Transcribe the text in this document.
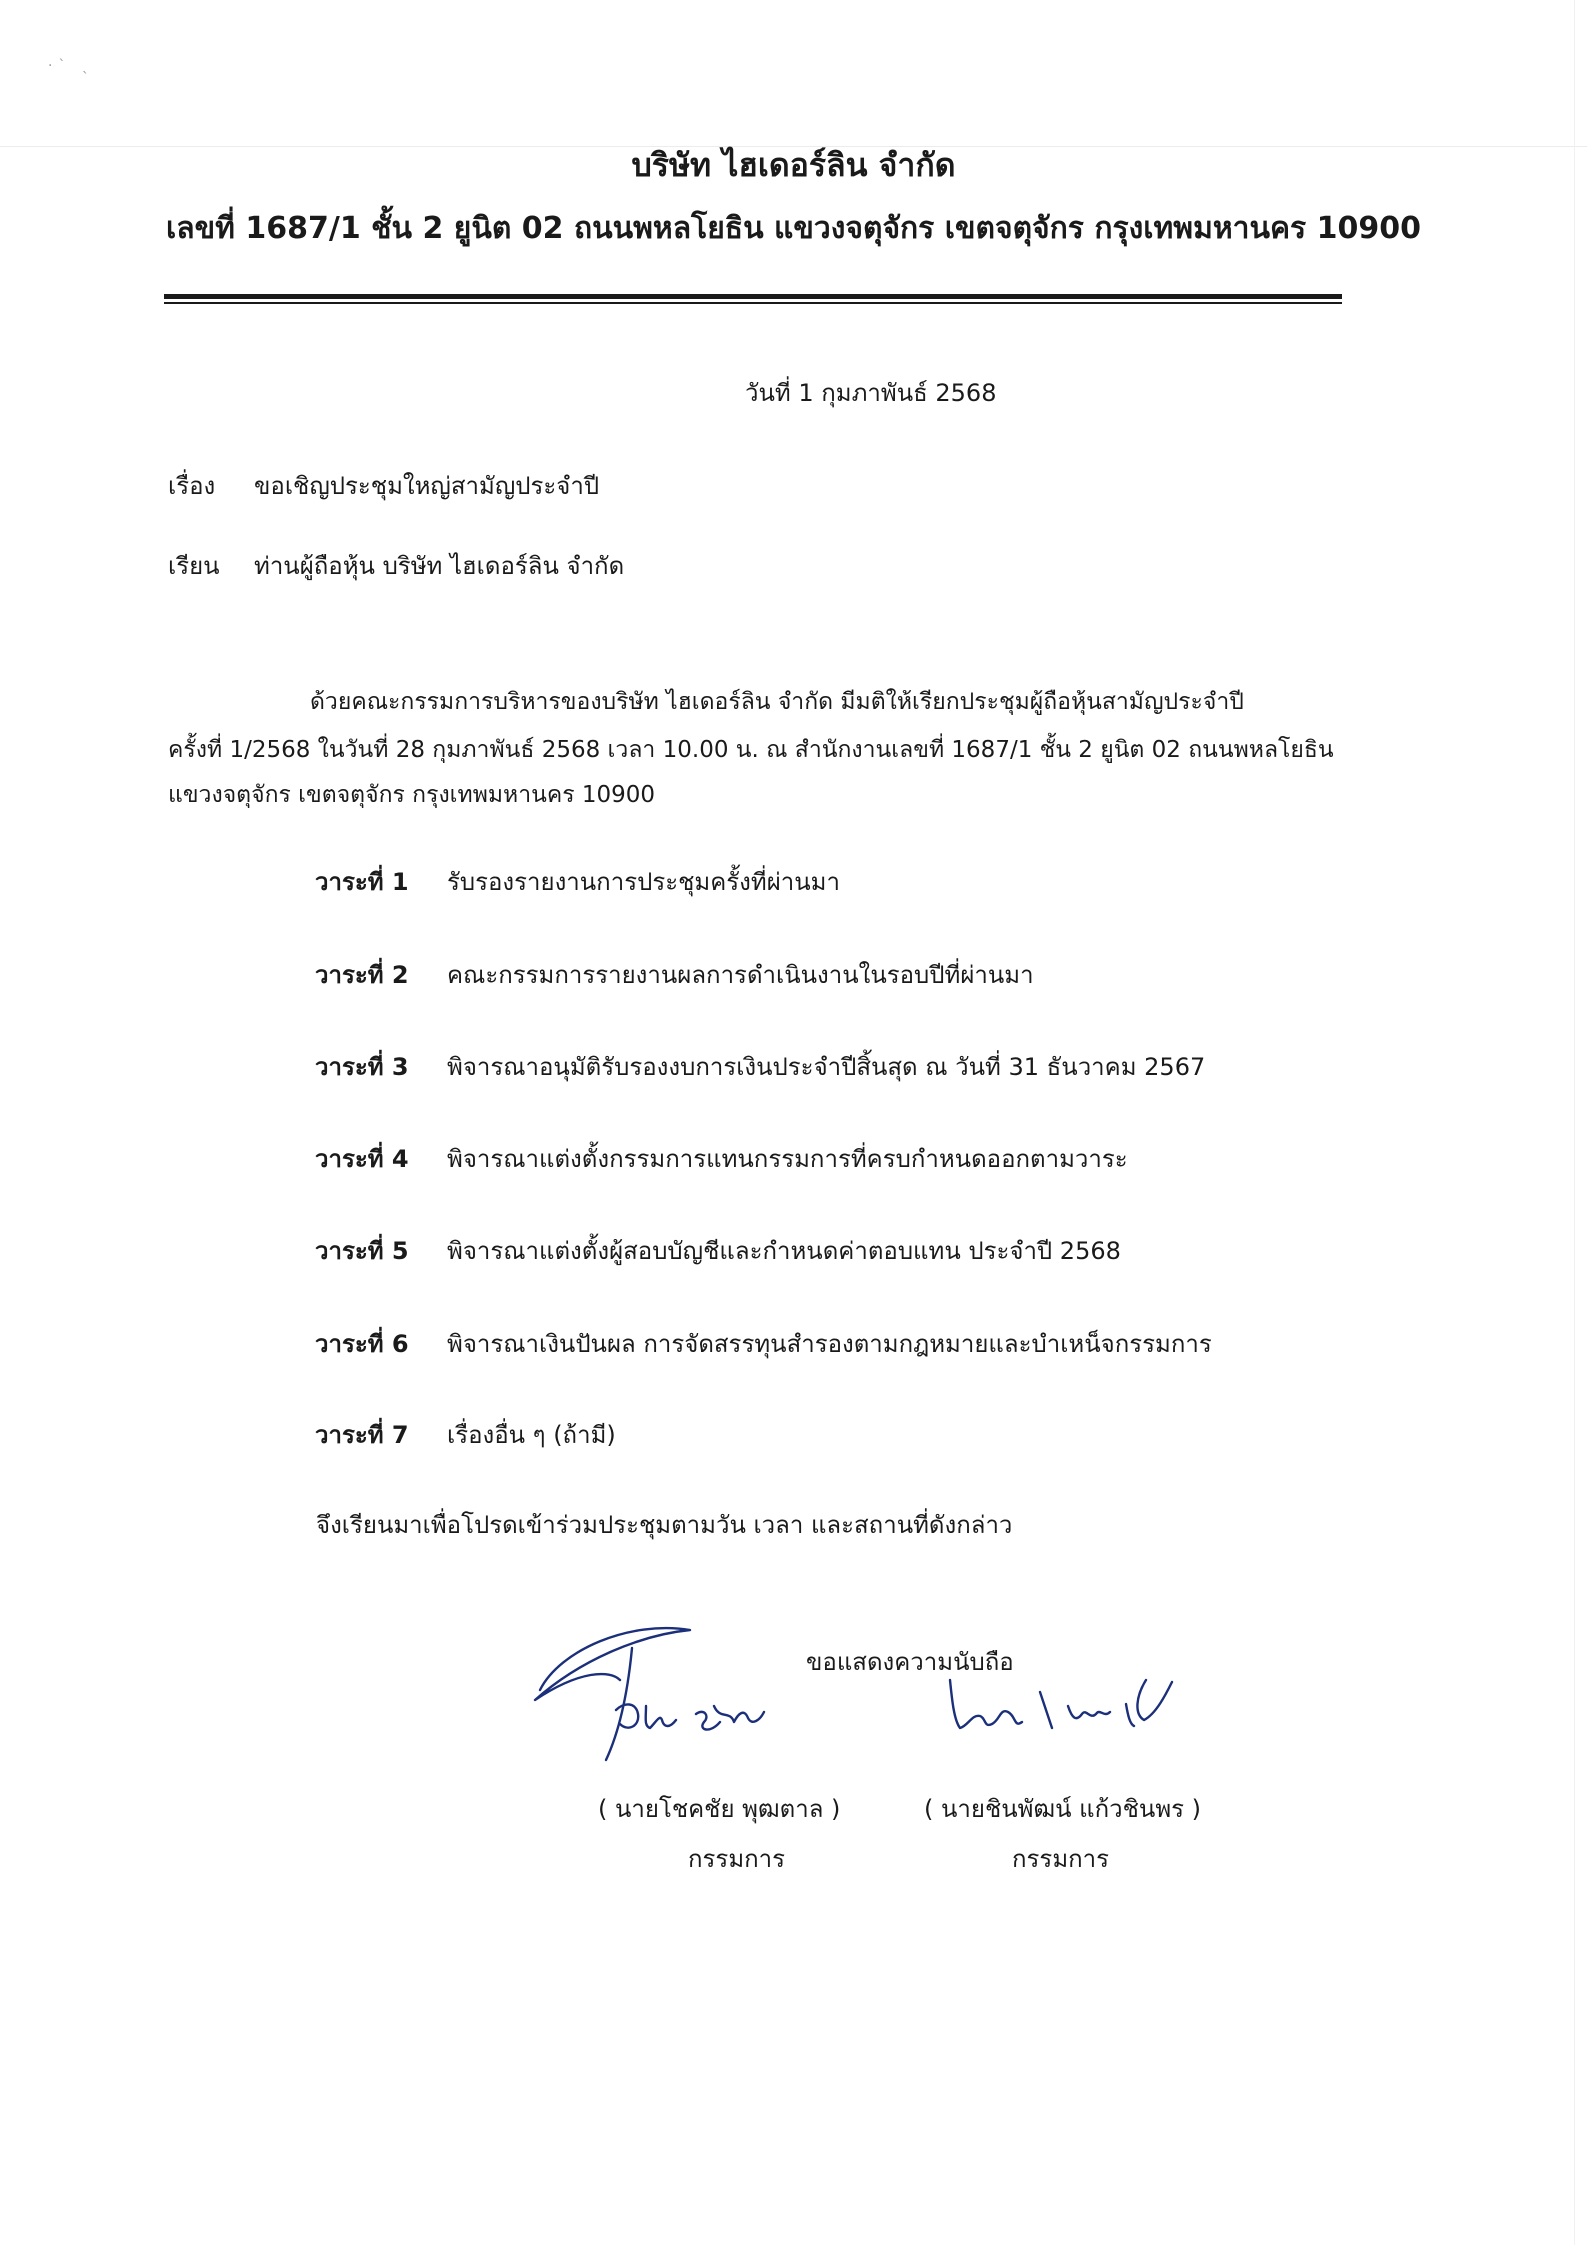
·ˋ ˎ
บริษัท ไฮเดอร์ลิน จำกัด
เลขที่ 1687/1 ชั้น 2 ยูนิต 02 ถนนพหลโยธิน แขวงจตุจักร เขตจตุจักร กรุงเทพมหานคร 10900
วันที่ 1 กุมภาพันธ์ 2568
เรื่อง ขอเชิญประชุมใหญ่สามัญประจำปี
เรียน ท่านผู้ถือหุ้น บริษัท ไฮเดอร์ลิน จำกัด
ด้วยคณะกรรมการบริหารของบริษัท ไฮเดอร์ลิน จำกัด มีมติให้เรียกประชุมผู้ถือหุ้นสามัญประจำปี
ครั้งที่ 1/2568 ในวันที่ 28 กุมภาพันธ์ 2568 เวลา 10.00 น. ณ สำนักงานเลขที่ 1687/1 ชั้น 2 ยูนิต 02 ถนนพหลโยธิน
แขวงจตุจักร เขตจตุจักร กรุงเทพมหานคร 10900
วาระที่ 1 รับรองรายงานการประชุมครั้งที่ผ่านมา
วาระที่ 2 คณะกรรมการรายงานผลการดำเนินงานในรอบปีที่ผ่านมา
วาระที่ 3 พิจารณาอนุมัติรับรองงบการเงินประจำปีสิ้นสุด ณ วันที่ 31 ธันวาคม 2567
วาระที่ 4 พิจารณาแต่งตั้งกรรมการแทนกรรมการที่ครบกำหนดออกตามวาระ
วาระที่ 5 พิจารณาแต่งตั้งผู้สอบบัญชีและกำหนดค่าตอบแทน ประจำปี 2568
วาระที่ 6 พิจารณาเงินปันผล การจัดสรรทุนสำรองตามกฎหมายและบำเหน็จกรรมการ
วาระที่ 7 เรื่องอื่น ๆ (ถ้ามี)
จึงเรียนมาเพื่อโปรดเข้าร่วมประชุมตามวัน เวลา และสถานที่ดังกล่าว
ขอแสดงความนับถือ
( นายโชคชัย พุฒตาล )
กรรมการ
( นายชินพัฒน์ แก้วชินพร )
กรรมการ
